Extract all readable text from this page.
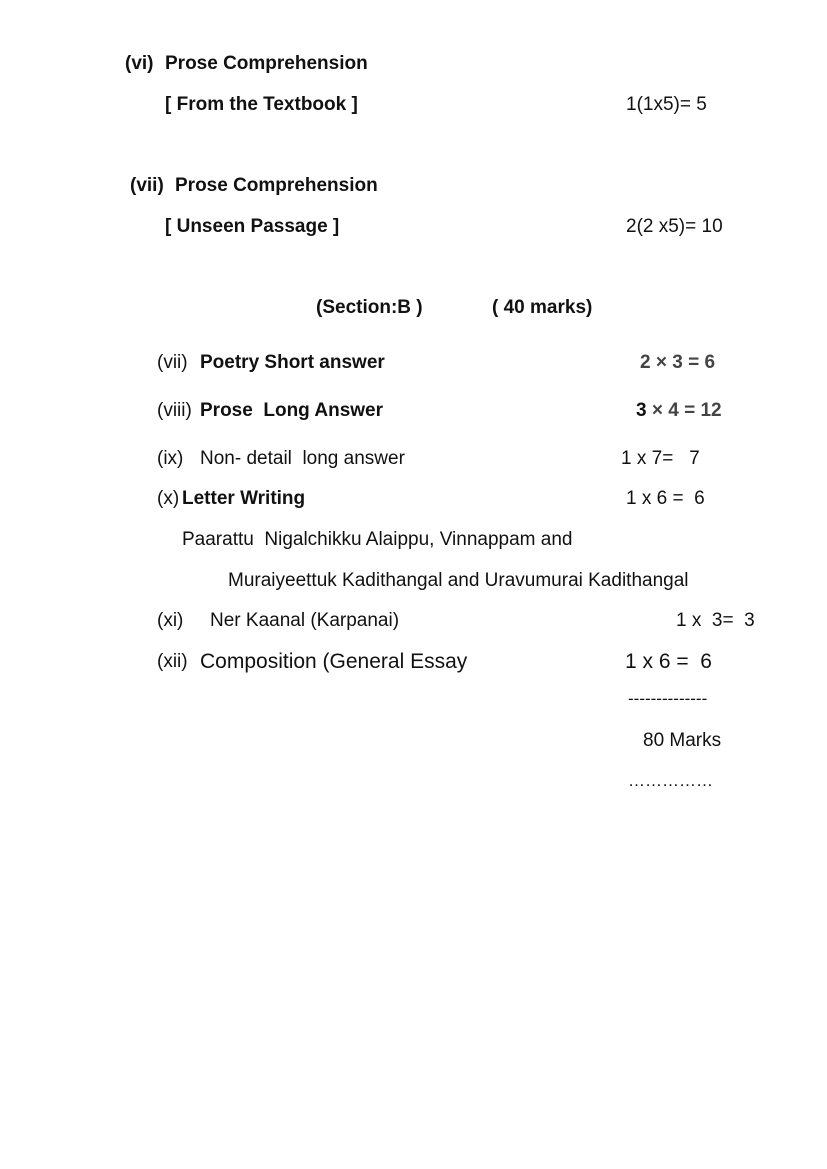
(vi) Prose Comprehension
[ From the Textbook ]	1(1x5)= 5
(vii) Prose Comprehension
[ Unseen Passage ]	2(2 x5)= 10
(Section:B )	( 40 marks)
(vii) Poetry Short answer	2 × 3 = 6
(viii) Prose  Long Answer	3 × 4 = 12
(ix) Non- detail  long answer	1 x 7=   7
(x) Letter Writing	1 x 6 =  6
Paarattu  Nigalchikku Alaippu, Vinnappam and
Muraiyeettuk Kadithangal and Uravumurai Kadithangal
(xi) Ner Kaanal (Karpanai)	1 x  3=  3
(xii) Composition (General Essay	1 x 6 =  6
--------------
80 Marks
……………
